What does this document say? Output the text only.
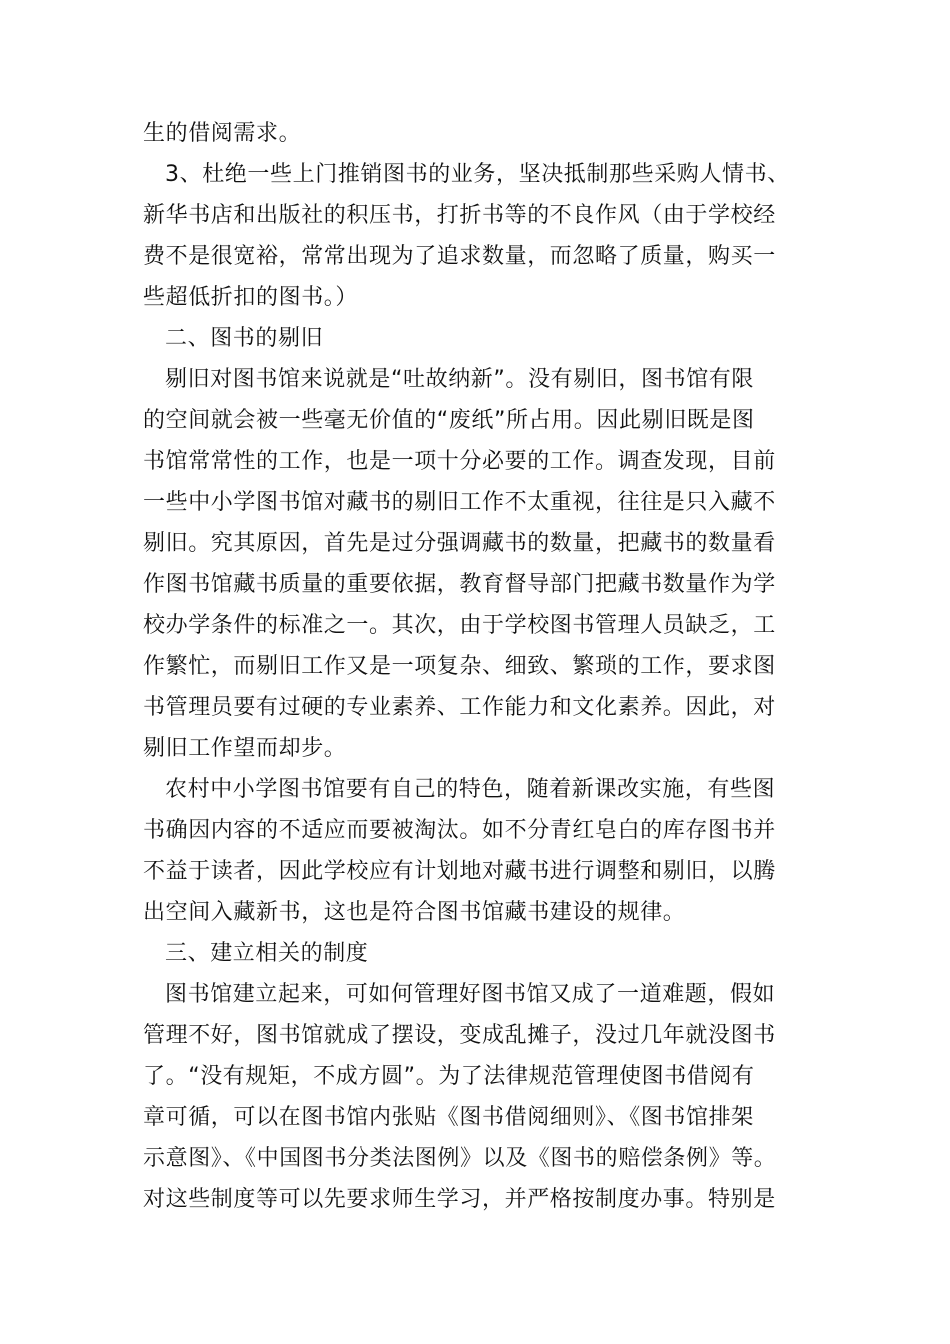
生的借阅需求。
3、杜绝一些上门推销图书的业务，坚决抵制那些采购人情书、
新华书店和出版社的积压书，打折书等的不良作风（由于学校经
费不是很宽裕，常常出现为了追求数量，而忽略了质量，购买一
些超低折扣的图书。）
二、图书的剔旧
剔旧对图书馆来说就是“吐故纳新”。没有剔旧，图书馆有限
的空间就会被一些毫无价值的“废纸”所占用。因此剔旧既是图
书馆常常性的工作，也是一项十分必要的工作。调查发现，目前
一些中小学图书馆对藏书的剔旧工作不太重视，往往是只入藏不
剔旧。究其原因，首先是过分强调藏书的数量，把藏书的数量看
作图书馆藏书质量的重要依据，教育督导部门把藏书数量作为学
校办学条件的标准之一。其次，由于学校图书管理人员缺乏，工
作繁忙，而剔旧工作又是一项复杂、细致、繁琐的工作，要求图
书管理员要有过硬的专业素养、工作能力和文化素养。因此，对
剔旧工作望而却步。
农村中小学图书馆要有自己的特色，随着新课改实施，有些图
书确因内容的不适应而要被淘汰。如不分青红皂白的库存图书并
不益于读者，因此学校应有计划地对藏书进行调整和剔旧，以腾
出空间入藏新书，这也是符合图书馆藏书建设的规律。
三、建立相关的制度
图书馆建立起来，可如何管理好图书馆又成了一道难题，假如
管理不好，图书馆就成了摆设，变成乱摊子，没过几年就没图书
了。“没有规矩，不成方圆”。为了法律规范管理使图书借阅有
章可循，可以在图书馆内张贴《图书借阅细则》、《图书馆排架
示意图》、《中国图书分类法图例》以及《图书的赔偿条例》等。
对这些制度等可以先要求师生学习，并严格按制度办事。特别是
